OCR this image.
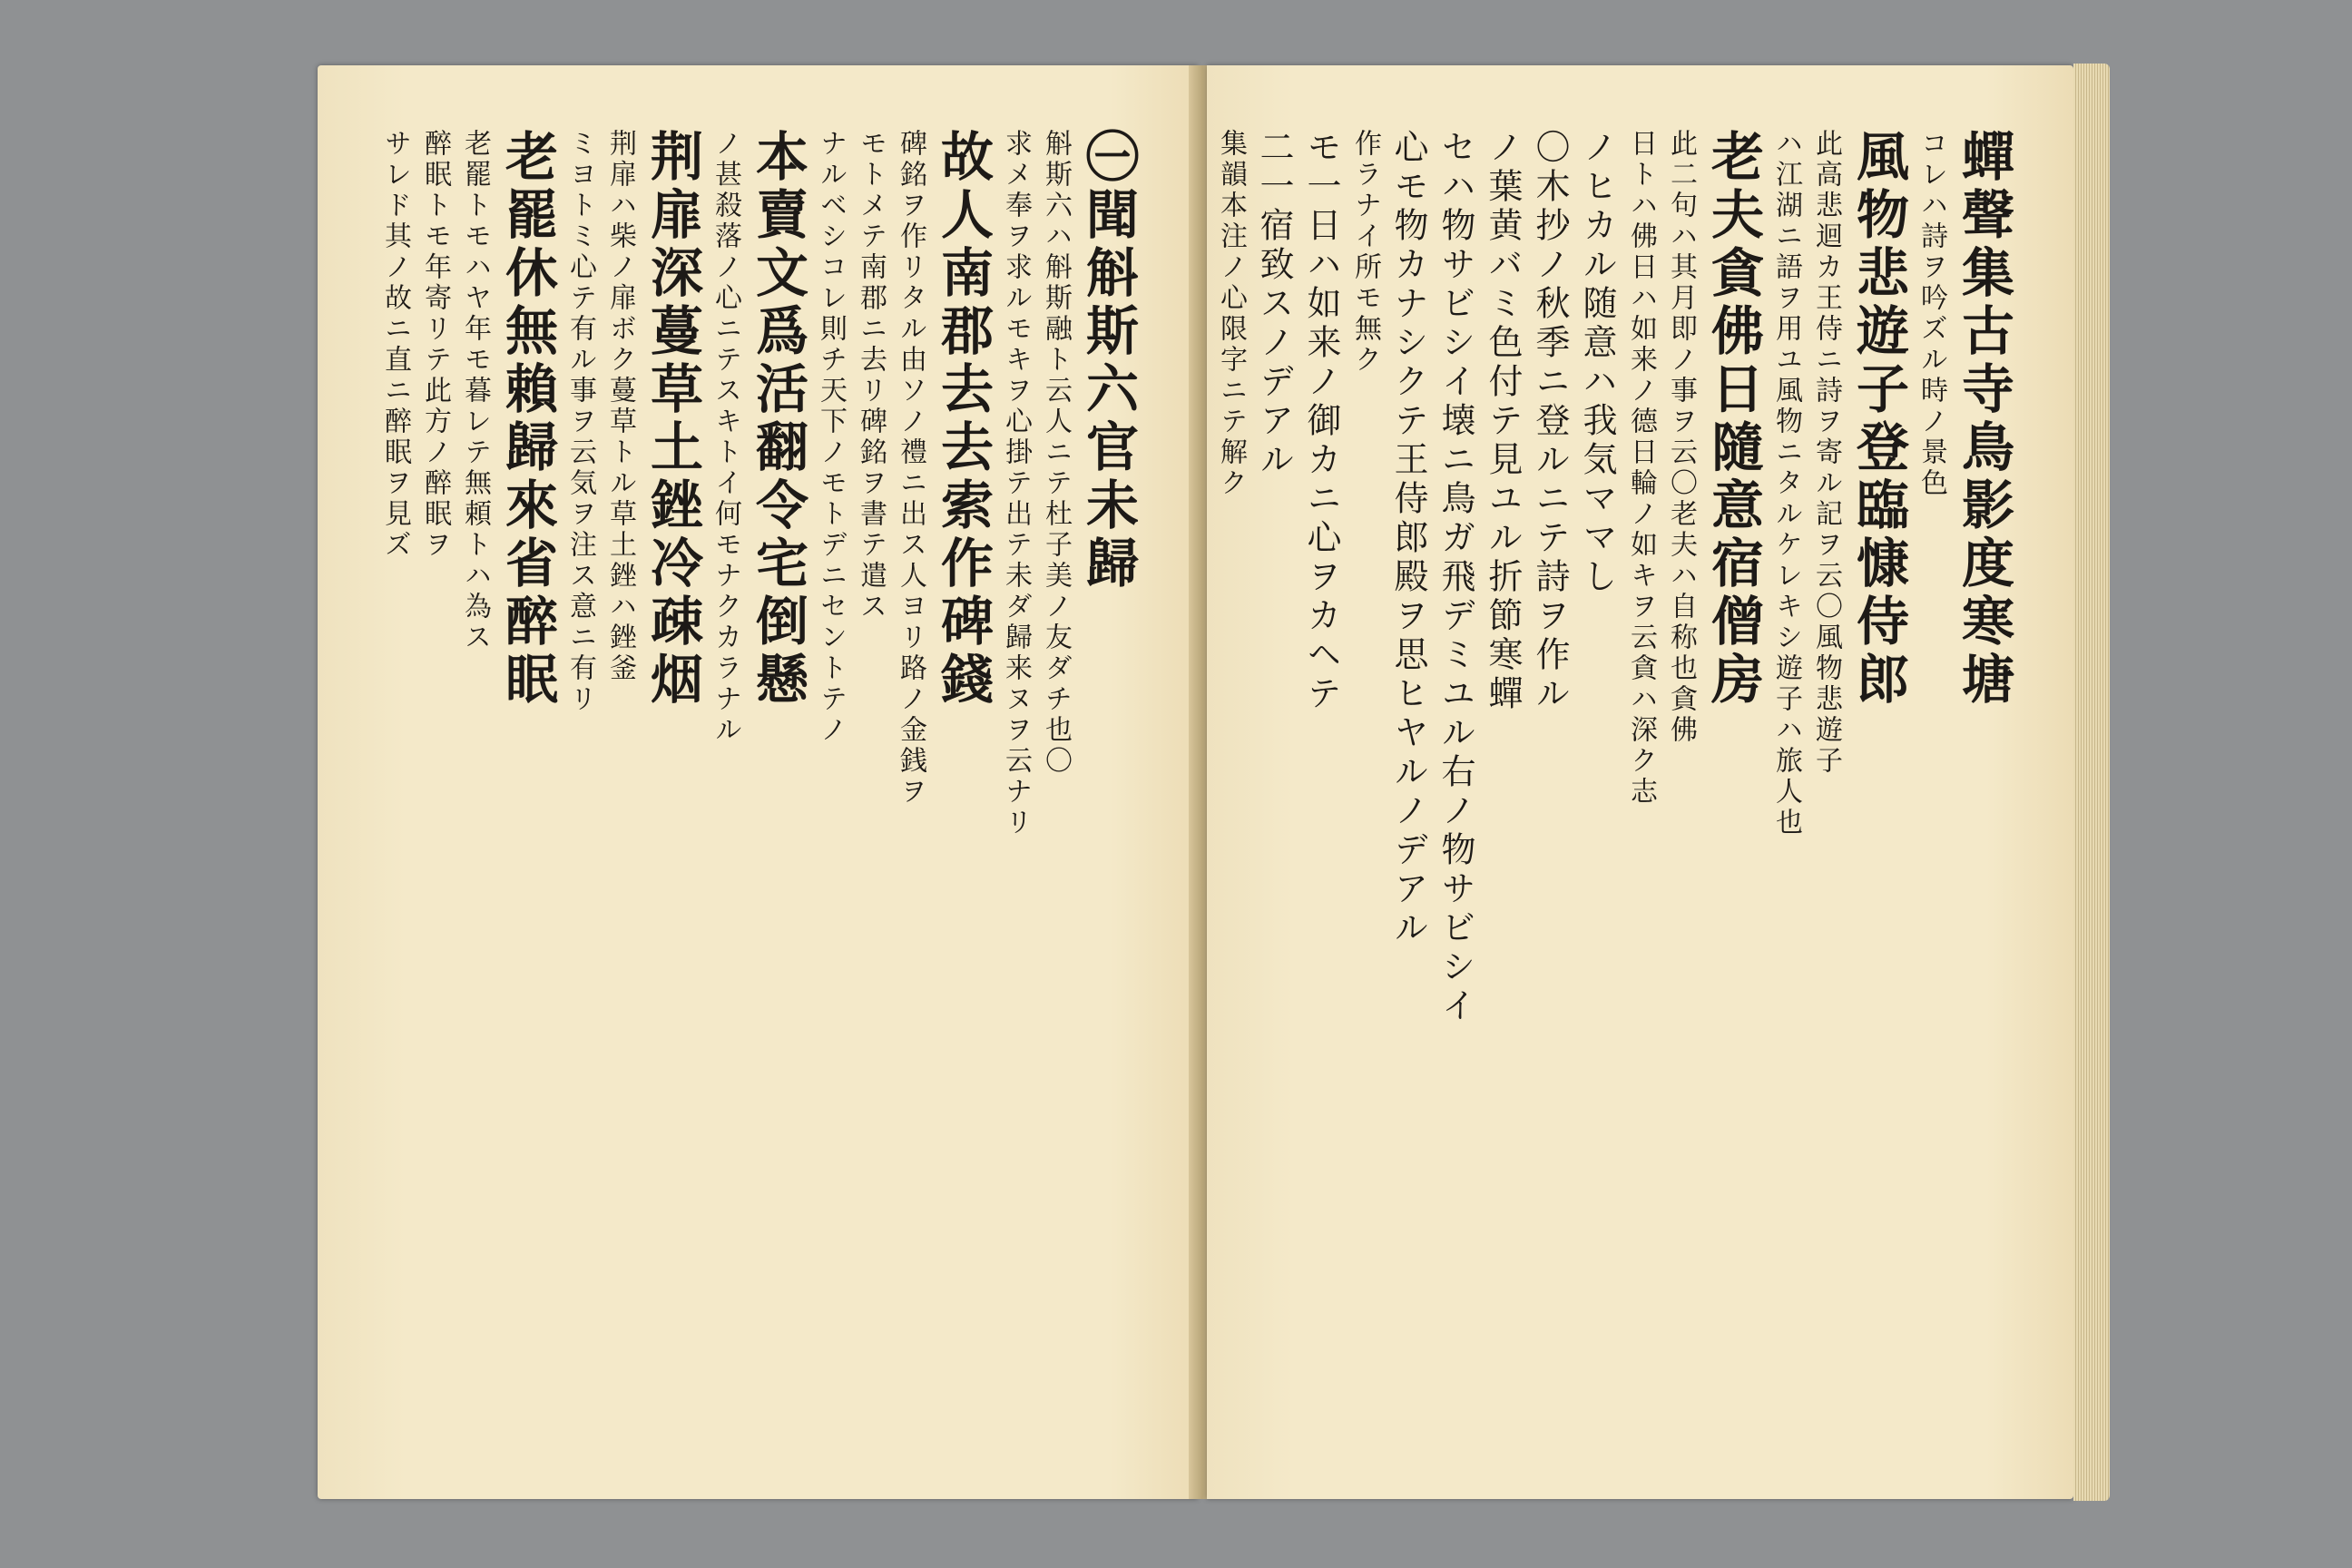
㊀聞斛斯六官未歸
斛斯六ハ斛斯融ト云人ニテ杜子美ノ友ダチ也〇
求メ奉ヲ求ルモキヲ心掛テ出テ未ダ歸来ヌヲ云ナリ
故人南郡去去索作碑錢
碑銘ヲ作リタル由ソノ禮ニ出ス人ヨリ路ノ金銭ヲ
モトメテ南郡ニ去リ碑銘ヲ書テ遣ス
ナルベシコレ則チ天下ノモトデニセントテノ
本賣文爲活翻令宅倒懸
ノ甚殺落ノ心ニテスキトイ何モナクカラナル
荆扉深蔓草土銼冷疎烟
荆扉ハ柴ノ扉ボク蔓草トル草土銼ハ銼釜
ミヨトミ心テ有ル事ヲ云気ヲ注ス意ニ有リ
老罷休無賴歸來省醉眠
老罷トモハヤ年モ暮レテ無頼トハ為ス
醉眠トモ年寄リテ此方ノ醉眠ヲ
サレド其ノ故ニ直ニ醉眠ヲ見ズ	蟬聲集古寺鳥影度寒塘
コレハ詩ヲ吟ズル時ノ景色
風物悲遊子登臨慷侍郎
此高悲迴カ王侍ニ詩ヲ寄ル記ヲ云〇風物悲遊子
ハ江湖ニ語ヲ用ユ風物ニタルケレキシ遊子ハ旅人也
老夫貪佛日隨意宿僧房
此二句ハ其月即ノ事ヲ云〇老夫ハ自称也貪佛
日トハ佛日ハ如来ノ德日輪ノ如キヲ云貪ハ深ク志
ノヒカル随意ハ我気ママし
〇木抄ノ秋季ニ登ルニテ詩ヲ作ル
ノ葉黄バミ色付テ見ユル折節寒蟬
セハ物サビシイ壊ニ鳥ガ飛デミユル右ノ物サビシイ
心モ物カナシクテ王侍郎殿ヲ思ヒヤルノデアル
作ラナイ所モ無ク
モ一日ハ如来ノ御カニ心ヲカヘテ
二一宿致スノデアル
集韻本注ノ心限字ニテ解ク
